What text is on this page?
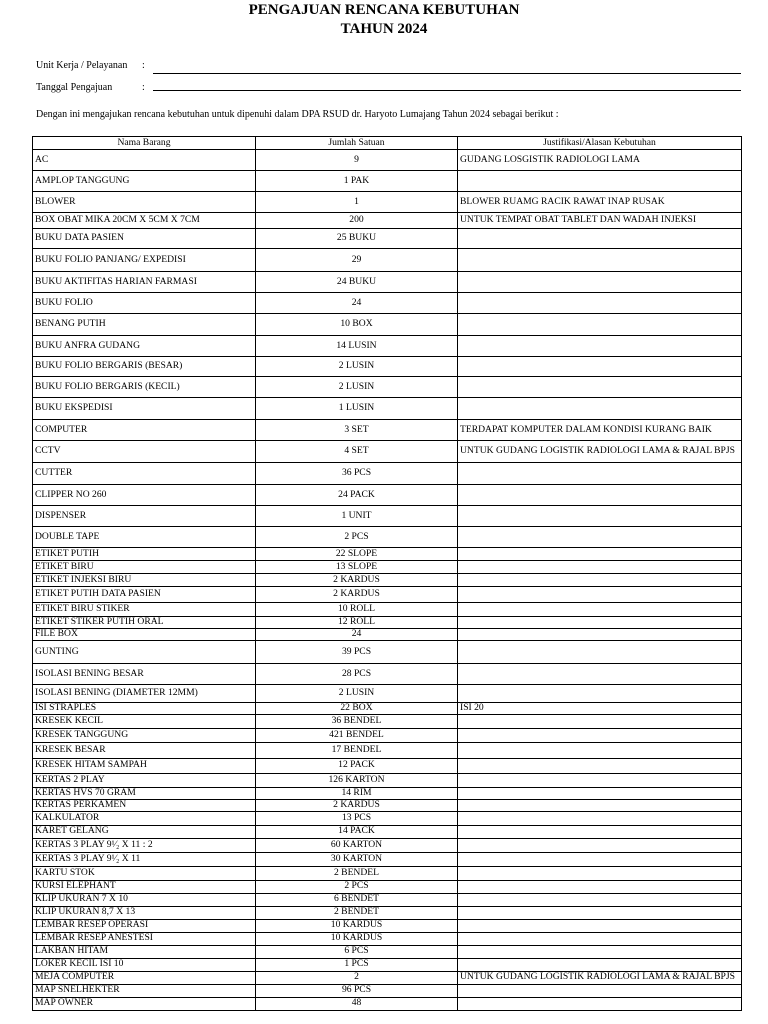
PENGAJUAN RENCANA KEBUTUHAN
TAHUN 2024
Unit Kerja / Pelayanan :
Tanggal Pengajuan	:
Dengan ini mengajukan rencana kebutuhan untuk dipenuhi dalam DPA RSUD dr. Haryoto Lumajang Tahun 2024 sebagai berikut :
Nama Barang	Jumlah Satuan	Justifikasi/Alasan Kebutuhan
AC	9	GUDANG LOSGISTIK RADIOLOGI LAMA
AMPLOP TANGGUNG	1 PAK	
BLOWER	1	BLOWER RUAMG RACIK RAWAT INAP RUSAK
BOX OBAT MIKA 20CM X 5CM X 7CM	200	UNTUK TEMPAT OBAT TABLET DAN WADAH INJEKSI
BUKU DATA PASIEN	25 BUKU	
BUKU FOLIO PANJANG/ EXPEDISI	29	
BUKU AKTIFITAS HARIAN FARMASI	24 BUKU	
BUKU FOLIO	24	
BENANG PUTIH	10 BOX	
BUKU ANFRA GUDANG	14 LUSIN	
BUKU FOLIO BERGARIS (BESAR)	2 LUSIN	
BUKU FOLIO BERGARIS (KECIL)	2 LUSIN	
BUKU EKSPEDISI	1 LUSIN	
COMPUTER	3 SET	TERDAPAT KOMPUTER DALAM KONDISI KURANG BAIK
CCTV	4 SET	UNTUK GUDANG LOGISTIK RADIOLOGI LAMA & RAJAL BPJS
CUTTER	36 PCS	
CLIPPER NO 260	24 PACK	
DISPENSER	1 UNIT	
DOUBLE TAPE	2 PCS	
ETIKET PUTIH	22 SLOPE	
ETIKET BIRU	13 SLOPE	
ETIKET INJEKSI BIRU	2 KARDUS	
ETIKET PUTIH DATA PASIEN	2 KARDUS	
ETIKET BIRU STIKER	10 ROLL	
ETIKET STIKER PUTIH ORAL	12 ROLL	
FILE BOX	24	
GUNTING	39 PCS	
ISOLASI BENING BESAR	28 PCS	
ISOLASI BENING (DIAMETER 12MM)	2 LUSIN	
ISI STRAPLES	22 BOX	ISI 20
KRESEK KECIL	36 BENDEL	
KRESEK TANGGUNG	421 BENDEL	
KRESEK BESAR	17 BENDEL	
KRESEK HITAM SAMPAH	12 PACK	
KERTAS 2 PLAY	126 KARTON	
KERTAS HVS 70 GRAM	14 RIM	
KERTAS PERKAMEN	2 KARDUS	
KALKULATOR	13 PCS	
KARET GELANG	14 PACK	
KERTAS 3 PLAY 9¹⁄₂ X 11 : 2	60 KARTON	
KERTAS 3 PLAY 9¹⁄₂ X 11	30 KARTON	
KARTU STOK	2 BENDEL	
KURSI ELEPHANT	2 PCS	
KLIP UKURAN 7 X 10	6 BENDET	
KLIP UKURAN 8,7 X 13	2 BENDET	
LEMBAR RESEP OPERASI	10 KARDUS	
LEMBAR RESEP ANESTESI	10 KARDUS	
LAKBAN HITAM	6 PCS	
LOKER KECIL ISI 10	1 PCS	
MEJA COMPUTER	2	UNTUK GUDANG LOGISTIK RADIOLOGI LAMA & RAJAL BPJS
MAP SNELHEKTER	96 PCS	
MAP OWNER	48	
